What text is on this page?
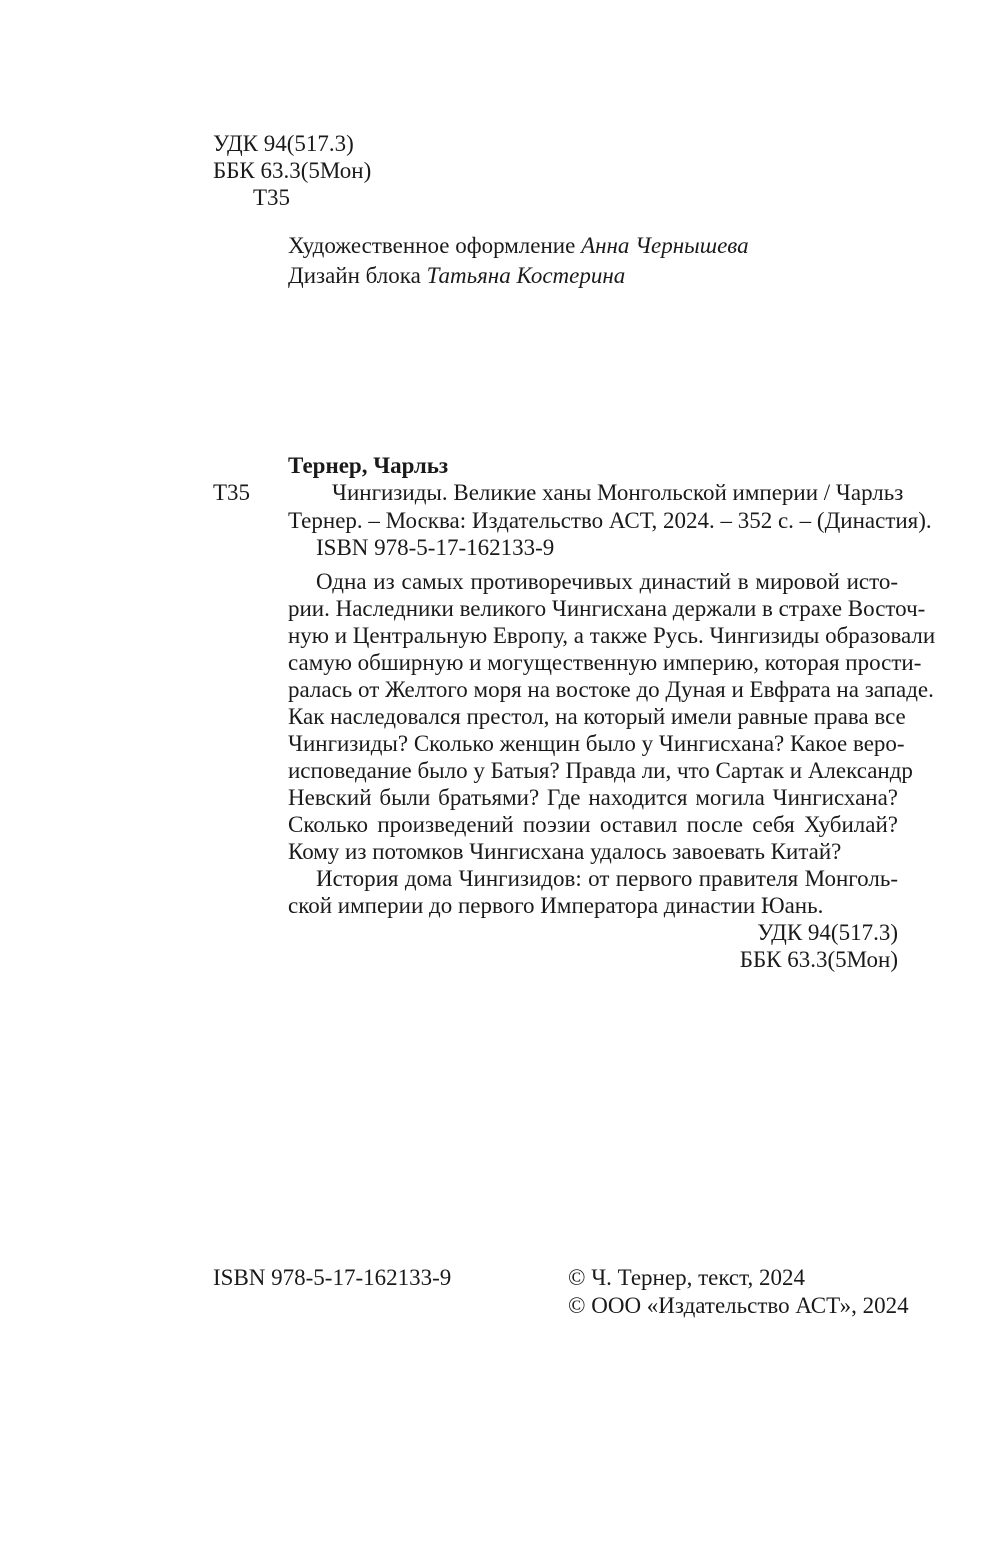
УДК 94(517.3)
ББК 63.3(5Мон)
Т35
Художественное оформление Анна Чернышева
Дизайн блока Татьяна Костерина
Тернер, Чарльз
Т35	Чингизиды. Великие ханы Монгольской империи / Чарльз
Тернер. – Москва: Издательство АСТ, 2024. – 352 с. – (Династия).
ISBN 978-5-17-162133-9
Одна из самых противоречивых династий в мировой исто-
рии. Наследники великого Чингисхана держали в страхе Восточ-
ную и Центральную Европу, а также Русь. Чингизиды образовали
самую обширную и могущественную империю, которая прости-
ралась от Желтого моря на востоке до Дуная и Евфрата на западе.
Как наследовался престол, на который имели равные права все
Чингизиды? Сколько женщин было у Чингисхана? Какое веро-
исповедание было у Батыя? Правда ли, что Сартак и Александр
Невский были братьями? Где находится могила Чингисхана?
Сколько произведений поэзии оставил после себя Хубилай?
Кому из потомков Чингисхана удалось завоевать Китай?
История дома Чингизидов: от первого правителя Монголь-
ской империи до первого Императора династии Юань.
УДК 94(517.3)
ББК 63.3(5Мон)
ISBN 978-5-17-162133-9	© Ч. Тернер, текст, 2024
© ООО «Издательство АСТ», 2024
